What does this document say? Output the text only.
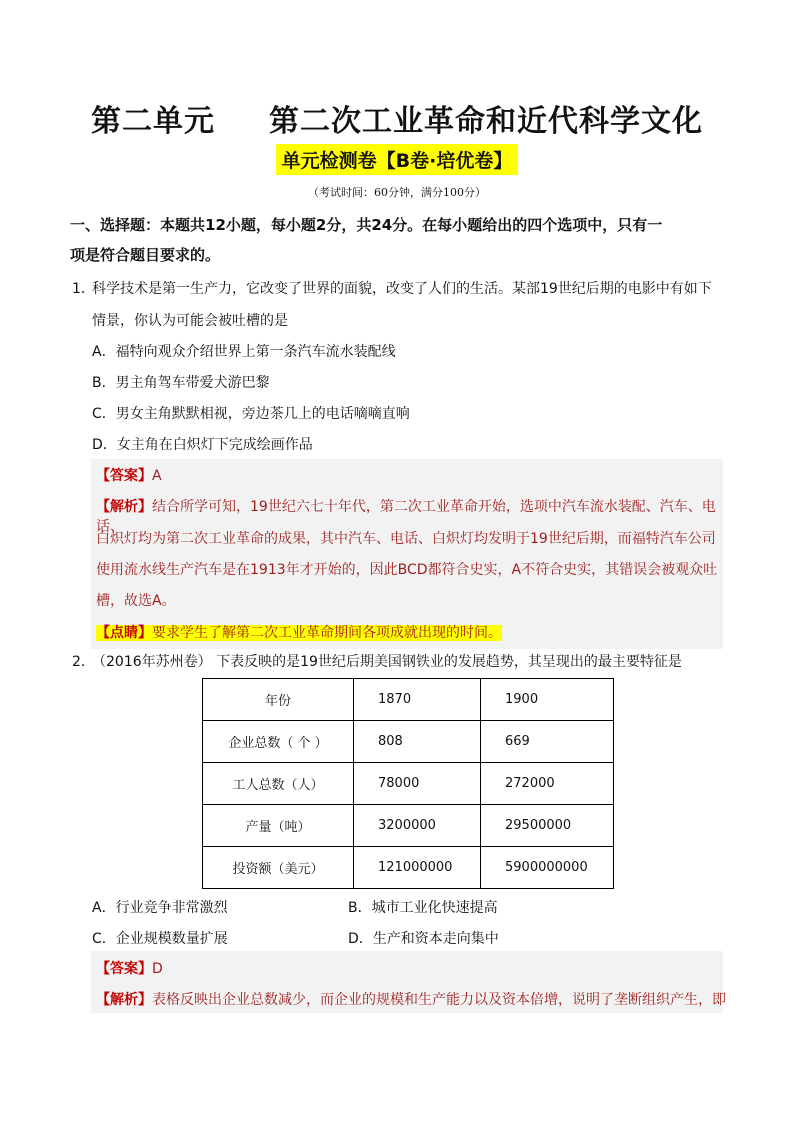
第二单元 第二次工业革命和近代科学文化
单元检测卷【B卷·培优卷】
（考试时间：60分钟，满分100分）
一、选择题：本题共12小题，每小题2分，共24分。在每小题给出的四个选项中，只有一
项是符合题目要求的。
1．科学技术是第一生产力，它改变了世界的面貌，改变了人们的生活。某部19世纪后期的电影中有如下
情景，你认为可能会被吐槽的是
A．福特向观众介绍世界上第一条汽车流水装配线
B．男主角驾车带爱犬游巴黎
C．男女主角默默相视，旁边茶几上的电话嘀嘀直响
D．女主角在白炽灯下完成绘画作品
【答案】A
【解析】结合所学可知，19世纪六七十年代，第二次工业革命开始，选项中汽车流水装配、汽车、电话、
白炽灯均为第二次工业革命的成果，其中汽车、电话、白炽灯均发明于19世纪后期，而福特汽车公司
使用流水线生产汽车是在1913年才开始的，因此BCD都符合史实，A不符合史实，其错误会被观众吐
槽，故选A。
【点睛】要求学生了解第二次工业革命期间各项成就出现的时间。
2．（2016年苏州卷） 下表反映的是19世纪后期美国钢铁业的发展趋势，其呈现出的最主要特征是
年份	1870	1900
企业总数（ 个 ）	808	669
工人总数（人）	78000	272000
产量（吨）	3200000	29500000
投资额（美元）	121000000	5900000000
A．行业竞争非常激烈	B．城市工业化快速提高
C．企业规模数量扩展	D．生产和资本走向集中
【答案】D
【解析】表格反映出企业总数减少，而企业的规模和生产能力以及资本倍增，说明了垄断组织产生，即
